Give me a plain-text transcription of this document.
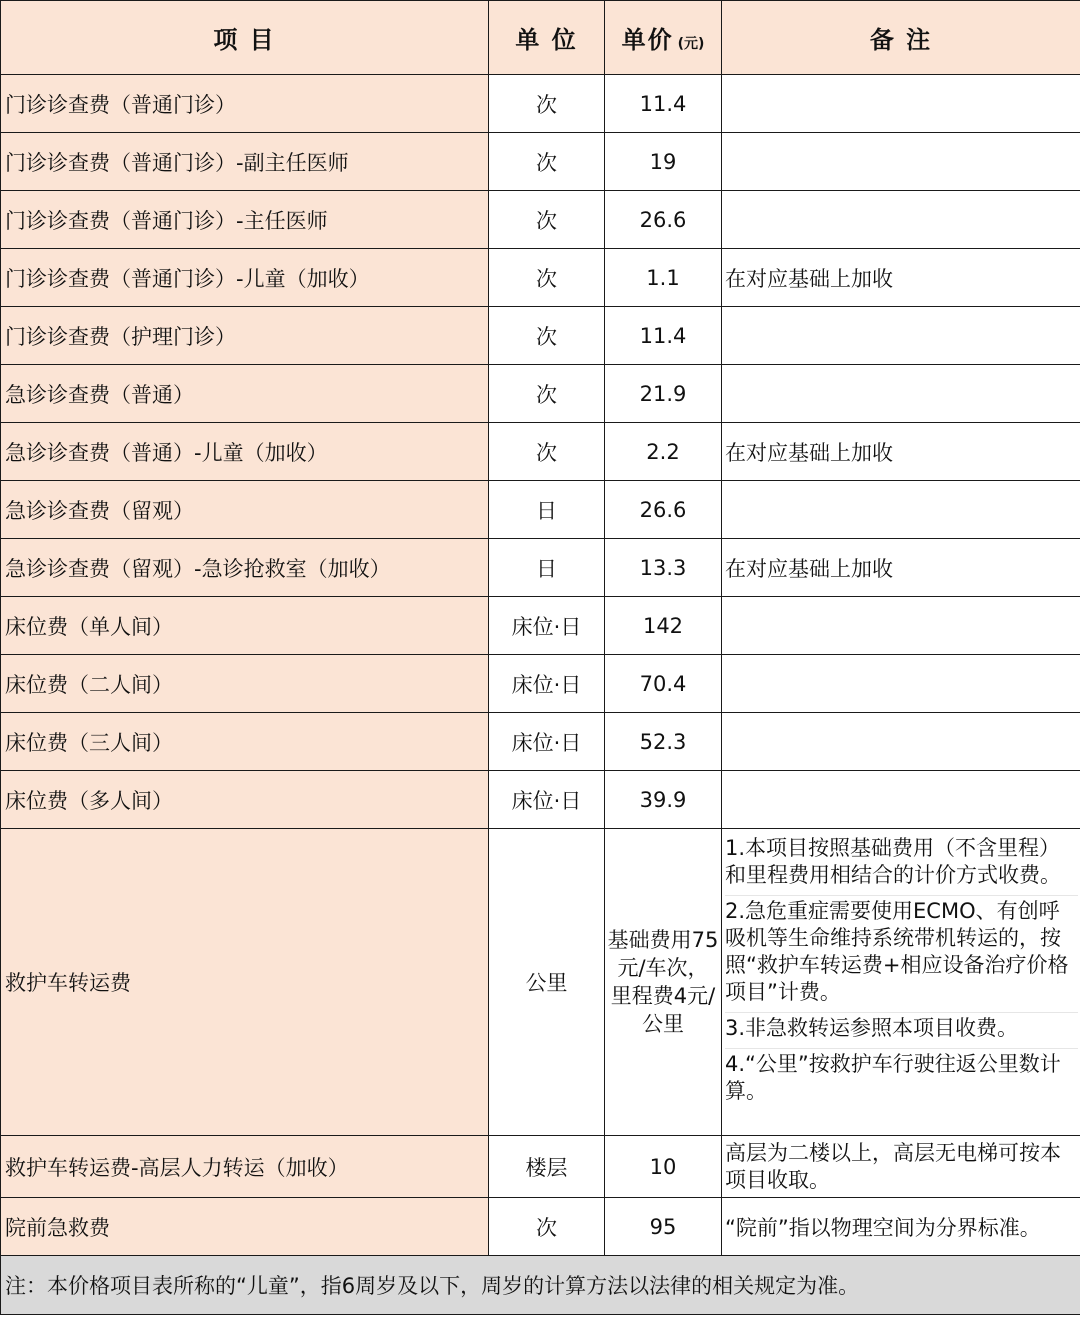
项 目	单 位	单价 (元)	备 注
门诊诊查费（普通门诊）	次	11.4	
门诊诊查费（普通门诊）-副主任医师	次	19	
门诊诊查费（普通门诊）-主任医师	次	26.6	
门诊诊查费（普通门诊）-儿童（加收）	次	1.1	在对应基础上加收
门诊诊查费（护理门诊）	次	11.4	
急诊诊查费（普通）	次	21.9	
急诊诊查费（普通）-儿童（加收）	次	2.2	在对应基础上加收
急诊诊查费（留观）	日	26.6	
急诊诊查费（留观）-急诊抢救室（加收）	日	13.3	在对应基础上加收
床位费（单人间）	床位·日	142	
床位费（二人间）	床位·日	70.4	
床位费（三人间）	床位·日	52.3	
床位费（多人间）	床位·日	39.9	
救护车转运费	公里	基础费用75元/车次，里程费4元/公里	1.本项目按照基础费用（不含里程）和里程费用相结合的计价方式收费。
2.急危重症需要使用ECMO、有创呼吸机等生命维持系统带机转运的，按照“救护车转运费+相应设备治疗价格项目”计费。
3.非急救转运参照本项目收费。
4.“公里”按救护车行驶往返公里数计算。

救护车转运费-高层人力转运（加收）	楼层	10	高层为二楼以上，高层无电梯可按本项目收取。
院前急救费	次	95	“院前”指以物理空间为分界标准。
注：本价格项目表所称的“儿童”，指6周岁及以下，周岁的计算方法以法律的相关规定为准。			
